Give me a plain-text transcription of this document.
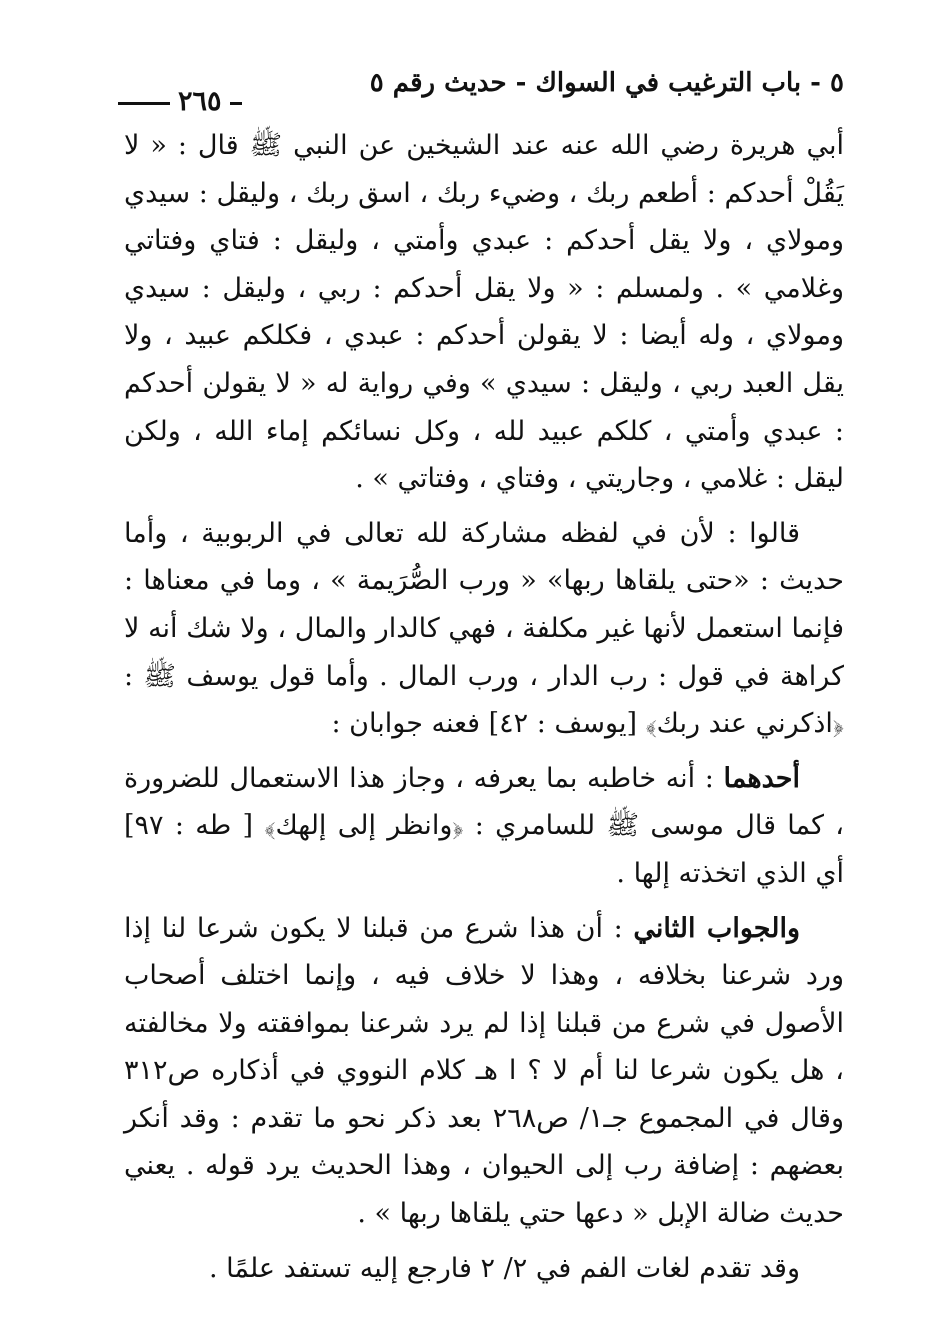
٥ - باب الترغيب في السواك - حديث رقم ٥
٢٦٥

أبي هريرة رضي الله عنه عند الشيخين عن النبي ﷺ قال : « لا يَقُلْ أحدكم : أطعم ربك ، وضيء ربك ، اسق ربك ، وليقل : سيدي ومولاي ، ولا يقل أحدكم : عبدي وأمتي ، وليقل : فتاي وفتاتي وغلامي » . ولمسلم : « ولا يقل أحدكم : ربي ، وليقل : سيدي ومولاي ، وله أيضا : لا يقولن أحدكم : عبدي ، فكلكم عبيد ، ولا يقل العبد ربي ، وليقل : سيدي » وفي رواية له « لا يقولن أحدكم : عبدي وأمتي ، كلكم عبيد لله ، وكل نسائكم إماء الله ، ولكن ليقل : غلامي ، وجاريتي ، وفتاي ، وفتاتي » .

قالوا : لأن في لفظه مشاركة لله تعالى في الربوبية ، وأما حديث : «حتى يلقاها ربها» « ورب الصُّرَيمة » ، وما في معناها : فإنما استعمل لأنها غير مكلفة ، فهي كالدار والمال ، ولا شك أنه لا كراهة في قول : رب الدار ، ورب المال . وأما قول يوسف ﷺ : ﴿اذكرني عند ربك﴾ [يوسف : ٤٢] فعنه جوابان :

أحدهما : أنه خاطبه بما يعرفه ، وجاز هذا الاستعمال للضرورة ، كما قال موسى ﷺ للسامري : ﴿وانظر إلى إلهك﴾ [ طه : ٩٧] أي الذي اتخذته إلها .

والجواب الثاني : أن هذا شرع من قبلنا لا يكون شرعا لنا إذا ورد شرعنا بخلافه ، وهذا لا خلاف فيه ، وإنما اختلف أصحاب الأصول في شرع من قبلنا إذا لم يرد شرعنا بموافقته ولا مخالفته ، هل يكون شرعا لنا أم لا ؟ ا هـ كلام النووي في أذكاره ص٣١٢ وقال في المجموع جـ١/ ص٢٦٨ بعد ذكر نحو ما تقدم : وقد أنكر بعضهم : إضافة رب إلى الحيوان ، وهذا الحديث يرد قوله . يعني حديث ضالة الإبل « دعها حتي يلقاها ربها » .

وقد تقدم لغات الفم في ٢/ ٢ فارجع إليه تستفد علمًا .
